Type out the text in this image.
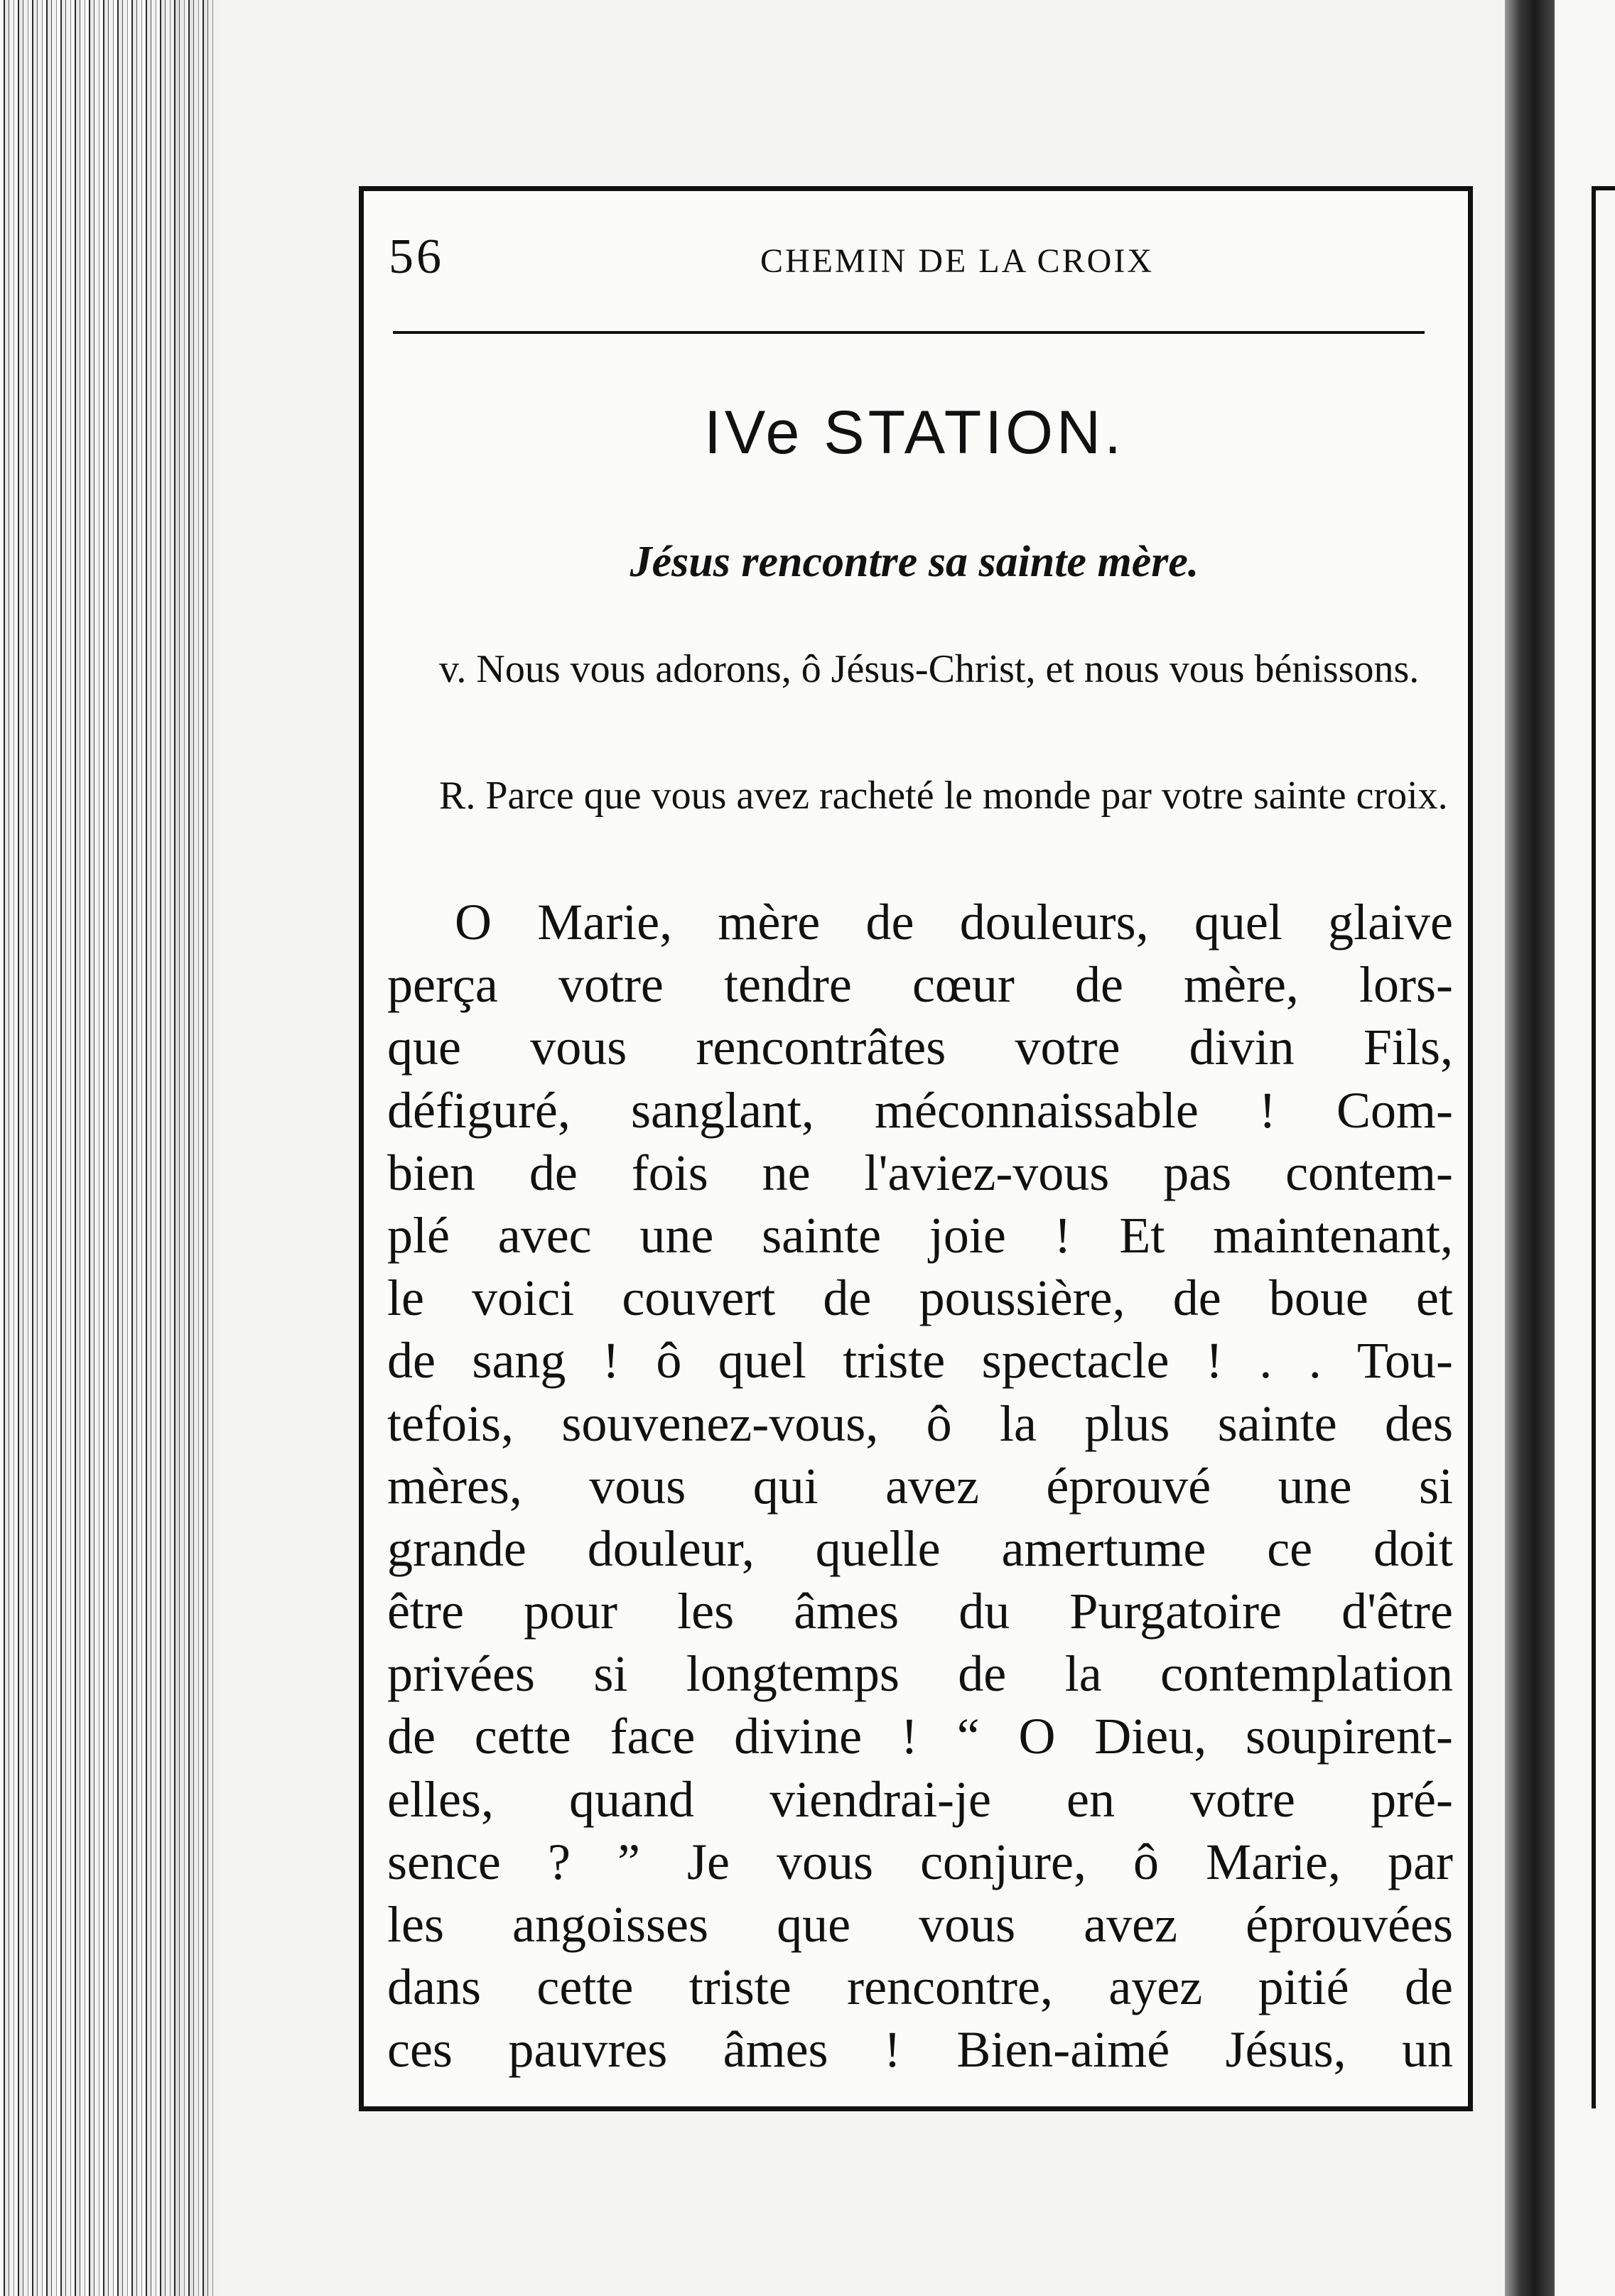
56	CHEMIN DE LA CROIX
IVe STATION.
Jésus rencontre sa sainte mère.
v. Nous vous adorons, ô Jésus-Christ, et nous vous bénissons.
R. Parce que vous avez racheté le monde par votre sainte croix.
O Marie, mère de douleurs, quel glaive
perça votre tendre cœur de mère, lors-
que vous rencontrâtes votre divin Fils,
défiguré, sanglant, méconnaissable ! Com-
bien de fois ne l'aviez-vous pas contem-
plé avec une sainte joie ! Et maintenant,
le voici couvert de poussière, de boue et
de sang ! ô quel triste spectacle ! . . Tou-
tefois, souvenez-vous, ô la plus sainte des
mères, vous qui avez éprouvé une si
grande douleur, quelle amertume ce doit
être pour les âmes du Purgatoire d'être
privées si longtemps de la contemplation
de cette face divine ! “ O Dieu, soupirent-
elles, quand viendrai-je en votre pré-
sence ? ” Je vous conjure, ô Marie, par
les angoisses que vous avez éprouvées
dans cette triste rencontre, ayez pitié de
ces pauvres âmes ! Bien-aimé Jésus, un
